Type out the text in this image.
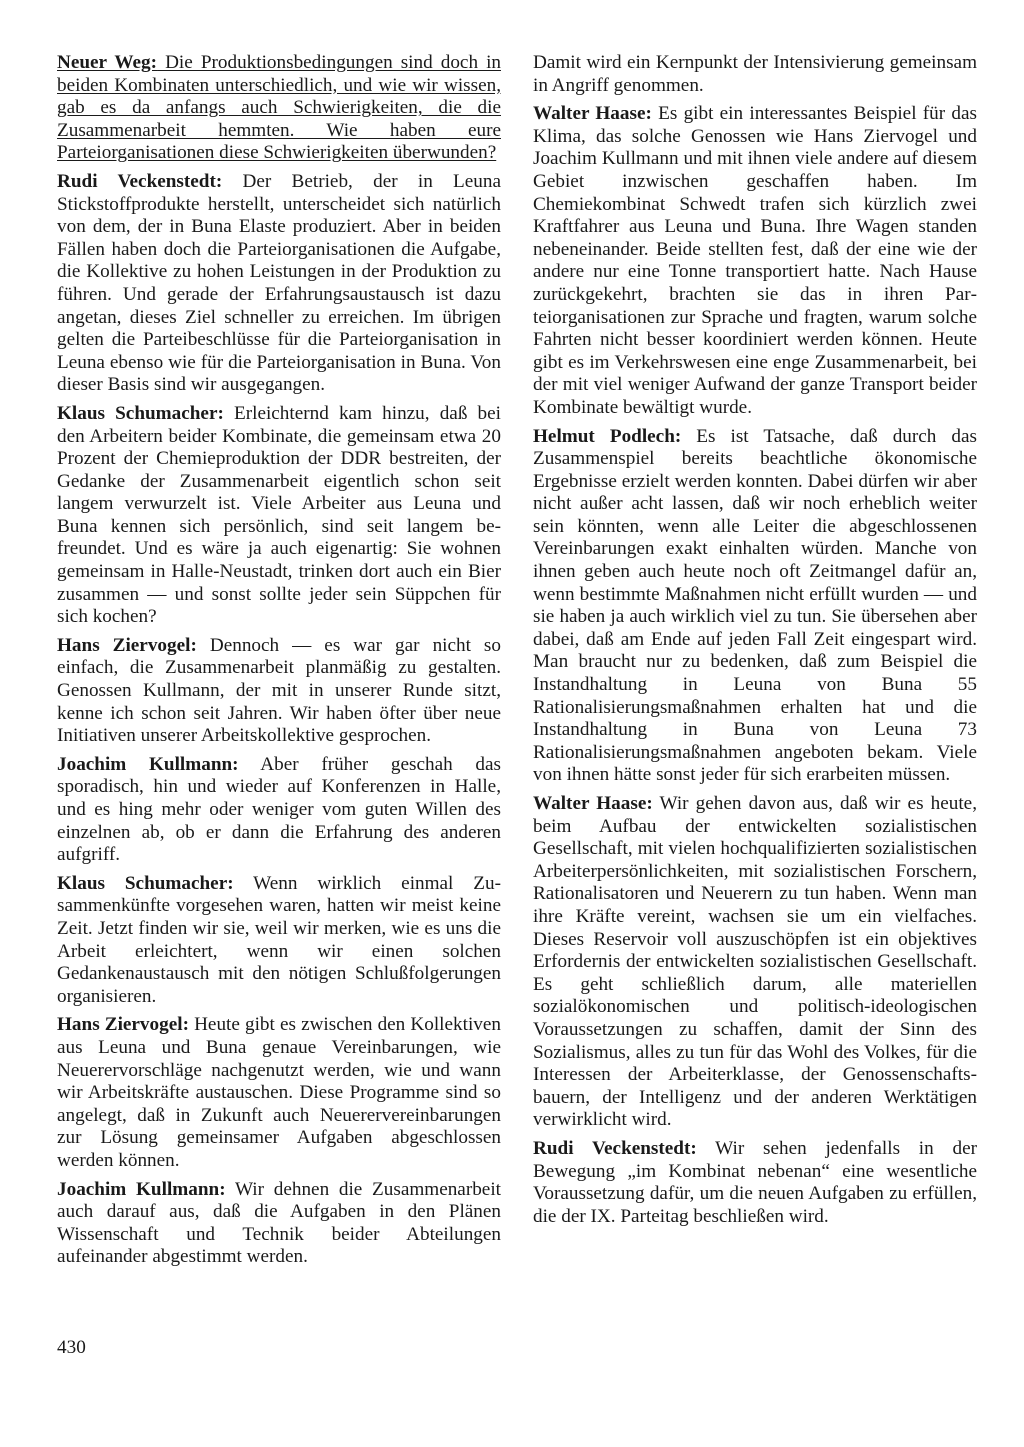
Neuer Weg: Die Produktionsbedingungen sind doch in beiden Kombinaten unterschiedlich, und wie wir wissen, gab es da anfangs auch Schwierigkeiten, die die Zusammenarbeit hemmten. Wie haben eure Parteiorganisationen diese Schwierigkeiten überwunden?

Rudi Veckenstedt: Der Betrieb, der in Leuna Stickstoffprodukte herstellt, unterscheidet sich natürlich von dem, der in Buna Elaste produziert. Aber in beiden Fällen haben doch die Parteiorganisationen die Aufgabe, die Kollektive zu hohen Leistungen in der Produktion zu führen. Und gerade der Erfahrungsaustausch ist dazu angetan, dieses Ziel schneller zu erreichen. Im übrigen gelten die Parteibeschlüsse für die Parteiorganisation in Leuna ebenso wie für die Parteiorganisation in Buna. Von dieser Basis sind wir ausgegangen.

Klaus Schumacher: Erleichternd kam hinzu, daß bei den Arbeitern beider Kombinate, die gemeinsam etwa 20 Prozent der Chemieproduktion der DDR bestreiten, der Gedanke der Zusammenarbeit eigentlich schon seit langem verwurzelt ist. Viele Arbeiter aus Leuna und Buna kennen sich persönlich, sind seit langem befreundet. Und es wäre ja auch eigenartig: Sie wohnen gemeinsam in Halle-Neustadt, trinken dort auch ein Bier zusammen — und sonst sollte jeder sein Süppchen für sich kochen?

Hans Ziervogel: Dennoch — es war gar nicht so einfach, die Zusammenarbeit planmäßig zu gestalten. Genossen Kullmann, der mit in unserer Runde sitzt, kenne ich schon seit Jahren. Wir haben öfter über neue Initiativen unserer Arbeitskollektive gesprochen.

Joachim Kullmann: Aber früher geschah das sporadisch, hin und wieder auf Konferenzen in Halle, und es hing mehr oder weniger vom guten Willen des einzelnen ab, ob er dann die Erfahrung des anderen aufgriff.

Klaus Schumacher: Wenn wirklich einmal Zusammenkünfte vorgesehen waren, hatten wir meist keine Zeit. Jetzt finden wir sie, weil wir merken, wie es uns die Arbeit erleichtert, wenn wir einen solchen Gedankenaustausch mit den nötigen Schlußfolgerungen organisieren.

Hans Ziervogel: Heute gibt es zwischen den Kollektiven aus Leuna und Buna genaue Vereinbarungen, wie Neuerervorschläge nachgenutzt werden, wie und wann wir Arbeitskräfte austauschen. Diese Programme sind so angelegt, daß in Zukunft auch Neuerervereinbarungen zur Lösung gemeinsamer Aufgaben abgeschlossen werden können.

Joachim Kullmann: Wir dehnen die Zusammenarbeit auch darauf aus, daß die Aufgaben in den Plänen Wissenschaft und Technik beider Abteilungen aufeinander abgestimmt werden.

Damit wird ein Kernpunkt der Intensivierung gemeinsam in Angriff genommen.

Walter Haase: Es gibt ein interessantes Beispiel für das Klima, das solche Genossen wie Hans Ziervogel und Joachim Kullmann und mit ihnen viele andere auf diesem Gebiet inzwischen geschaffen haben. Im Chemiekombinat Schwedt trafen sich kürzlich zwei Kraftfahrer aus Leuna und Buna. Ihre Wagen standen nebeneinander. Beide stellten fest, daß der eine wie der andere nur eine Tonne transportiert hatte. Nach Hause zurückgekehrt, brachten sie das in ihren Parteiorganisationen zur Sprache und fragten, warum solche Fahrten nicht besser koordiniert werden können. Heute gibt es im Verkehrswesen eine enge Zusammenarbeit, bei der mit viel weniger Aufwand der ganze Transport beider Kombinate bewältigt wurde.

Helmut Podlech: Es ist Tatsache, daß durch das Zusammenspiel bereits beachtliche ökonomische Ergebnisse erzielt werden konnten. Dabei dürfen wir aber nicht außer acht lassen, daß wir noch erheblich weiter sein könnten, wenn alle Leiter die abgeschlossenen Vereinbarungen exakt einhalten würden. Manche von ihnen geben auch heute noch oft Zeitmangel dafür an, wenn bestimmte Maßnahmen nicht erfüllt wurden — und sie haben ja auch wirklich viel zu tun. Sie übersehen aber dabei, daß am Ende auf jeden Fall Zeit eingespart wird. Man braucht nur zu bedenken, daß zum Beispiel die Instandhaltung in Leuna von Buna 55 Rationalisierungsmaßnahmen erhalten hat und die Instandhaltung in Buna von Leuna 73 Rationalisierungsmaßnahmen angeboten bekam. Viele von ihnen hätte sonst jeder für sich erarbeiten müssen.

Walter Haase: Wir gehen davon aus, daß wir es heute, beim Aufbau der entwickelten sozialistischen Gesellschaft, mit vielen hochqualifizierten sozialistischen Arbeiterpersönlichkeiten, mit sozialistischen Forschern, Rationalisatoren und Neuerern zu tun haben. Wenn man ihre Kräfte vereint, wachsen sie um ein vielfaches. Dieses Reservoir voll auszuschöpfen ist ein objektives Erfordernis der entwickelten sozialistischen Gesellschaft. Es geht schließlich darum, alle materiellen sozialökonomischen und politisch-ideologischen Voraussetzungen zu schaffen, damit der Sinn des Sozialismus, alles zu tun für das Wohl des Volkes, für die Interessen der Arbeiterklasse, der Genossenschaftsbauern, der Intelligenz und der anderen Werktätigen verwirklicht wird.

Rudi Veckenstedt: Wir sehen jedenfalls in der Bewegung „im Kombinat nebenan“ eine wesentliche Voraussetzung dafür, um die neuen Aufgaben zu erfüllen, die der IX. Parteitag beschließen wird.

430
